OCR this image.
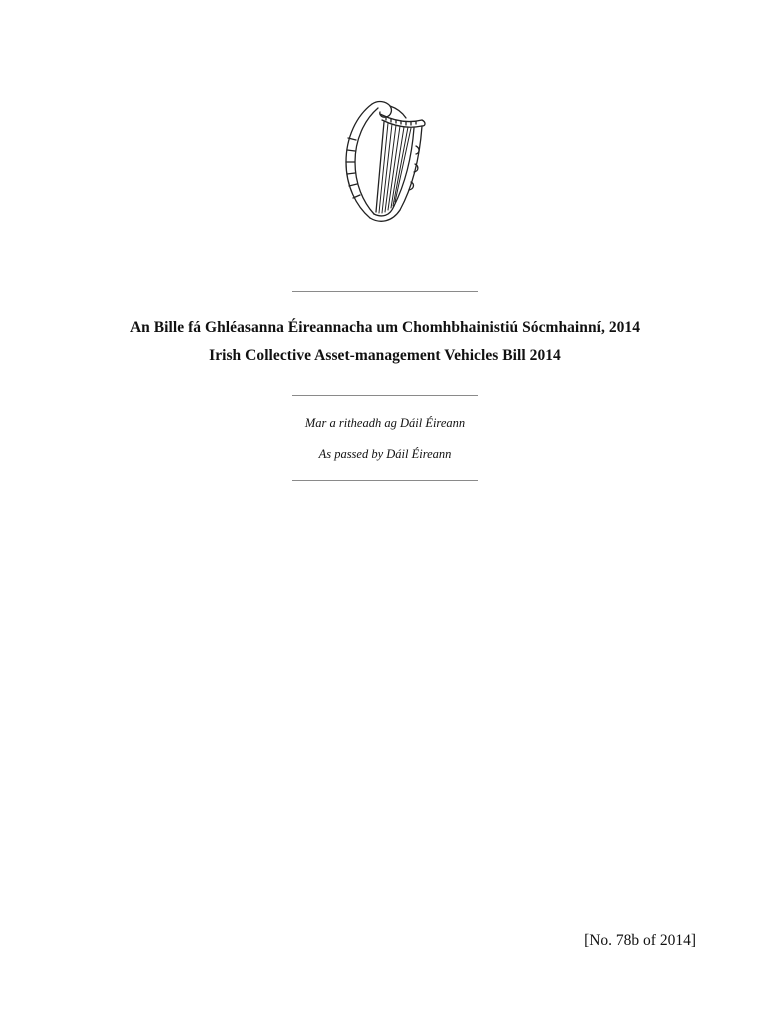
An Bille fá Ghléasanna Éireannacha um Chomhbhainistiú Sócmhainní, 2014
Irish Collective Asset-management Vehicles Bill 2014
Mar a ritheadh ag Dáil Éireann
As passed by Dáil Éireann
[No. 78b of 2014]
